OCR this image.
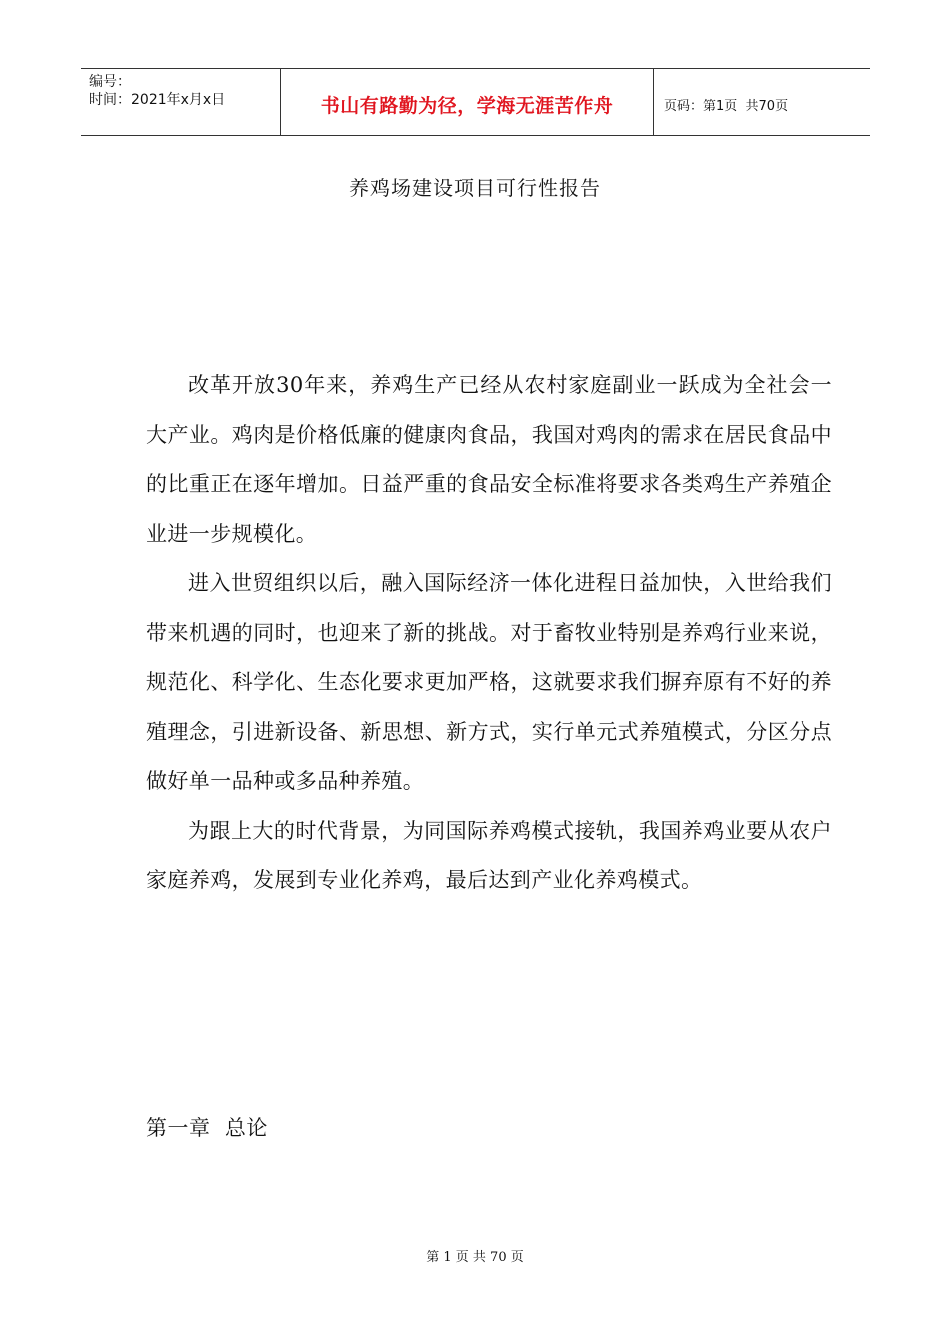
编号：
时间：2021年x月x日	书山有路勤为径，学海无涯苦作舟	页码：第1页  共70页
养鸡场建设项目可行性报告

改革开放30年来，养鸡生产已经从农村家庭副业一跃成为全社会一大产业。鸡肉是价格低廉的健康肉食品，我国对鸡肉的需求在居民食品中的比重正在逐年增加。日益严重的食品安全标准将要求各类鸡生产养殖企业进一步规模化。

进入世贸组织以后，融入国际经济一体化进程日益加快，入世给我们带来机遇的同时，也迎来了新的挑战。对于畜牧业特别是养鸡行业来说，规范化、科学化、生态化要求更加严格，这就要求我们摒弃原有不好的养殖理念，引进新设备、新思想、新方式，实行单元式养殖模式，分区分点做好单一品种或多品种养殖。

为跟上大的时代背景，为同国际养鸡模式接轨，我国养鸡业要从农户家庭养鸡，发展到专业化养鸡，最后达到产业化养鸡模式。

第一章  总论
第 1 页 共 70 页
